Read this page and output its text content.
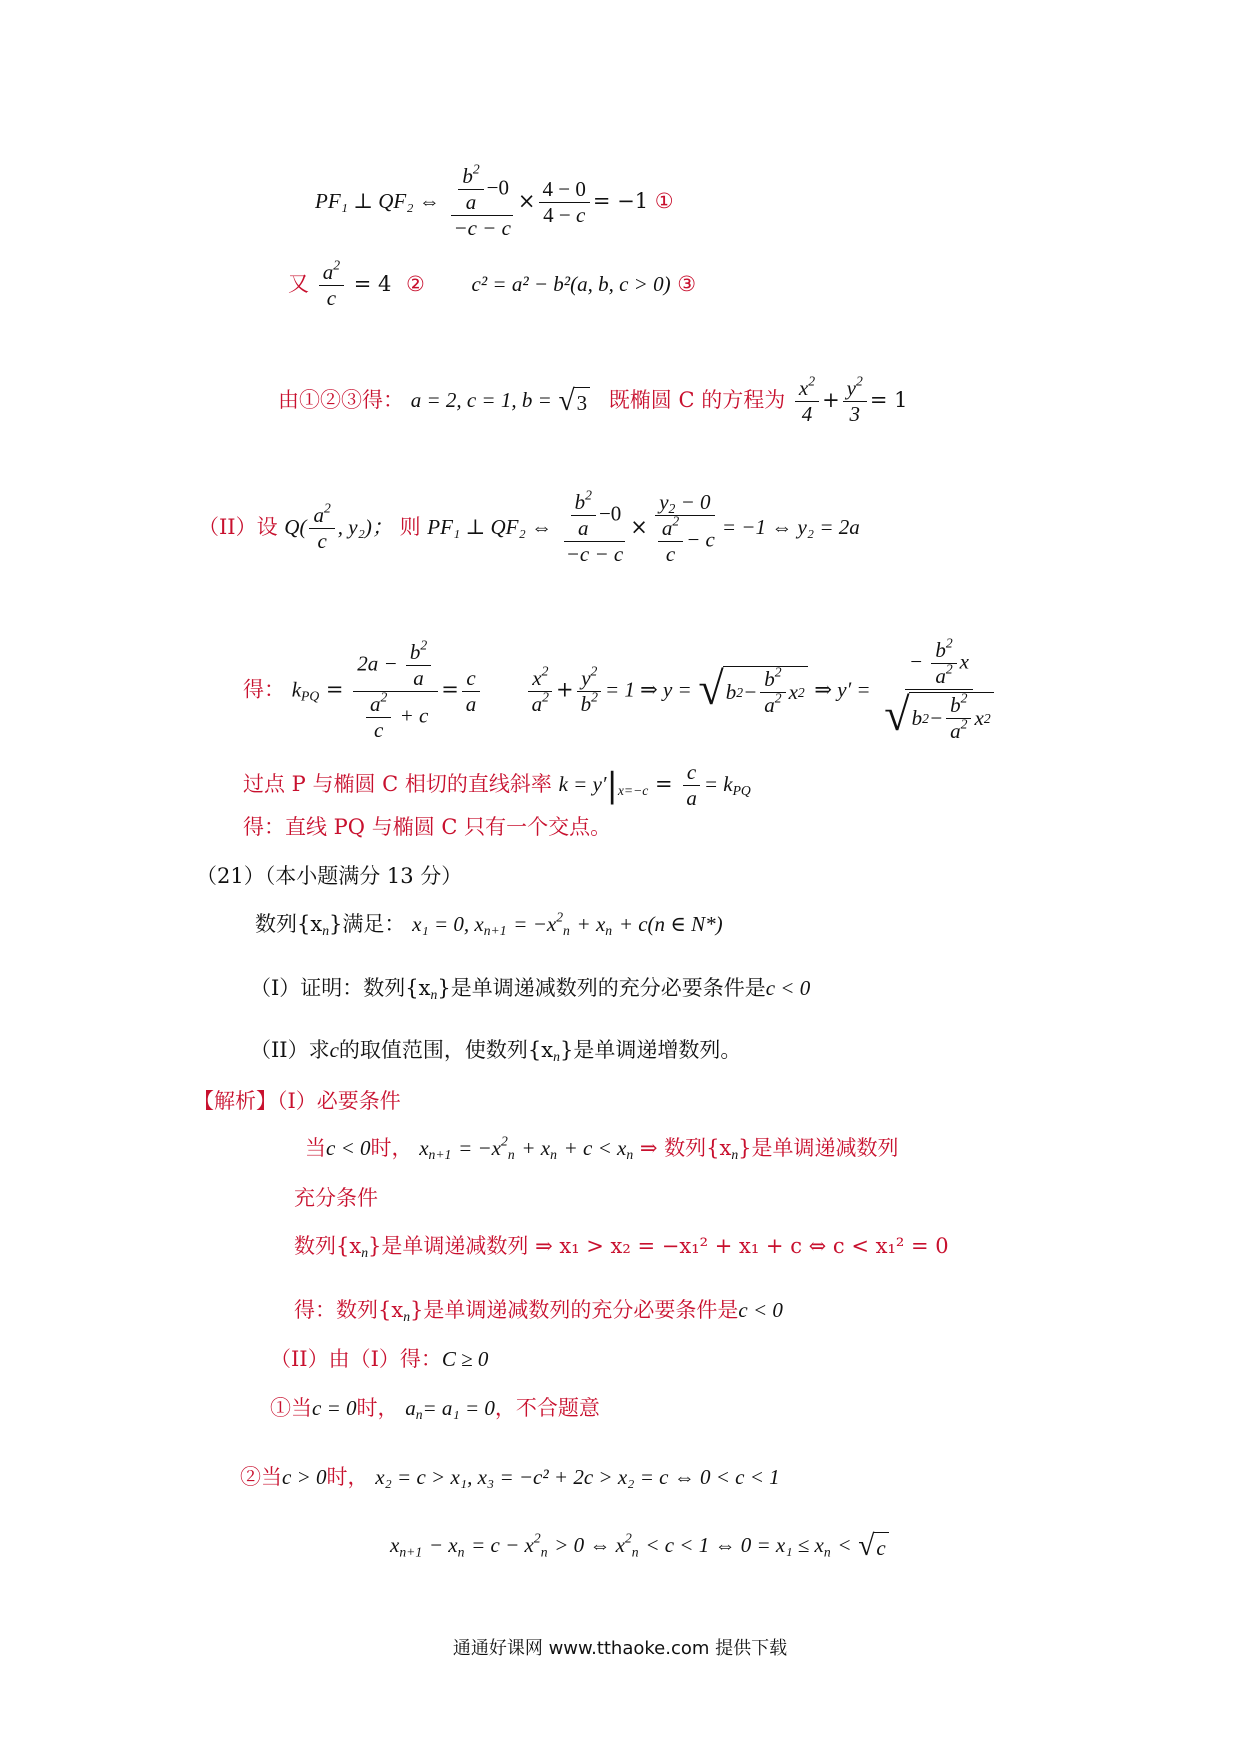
PF₁ ⊥ QF₂ ⇔ $\frac{\frac{b^2}{a} -0}{-c - c} \times \frac{4 - 0}{4 - c} = -1$ ①
又 $\frac{a^2}{c} = 4$ ② c² = a² − b²(a, b, c > 0) ③
由①②③得： a = 2, c = 1, b = √ 3 既椭圆 C 的方程为 $\frac{x^2}{4} + \frac{y^2}{3} = 1$
（II）设 $Q( \frac{a^2}{c}$ , y₂)； 则 PF₁ ⊥ QF₂ ⇔ $\frac{\frac{b^2}{a} -0}{-c - c} \times \frac{y_2 - 0}{\frac{a^2}{c} - c} = -1$ ⇔ y₂ = 2a
得： $k_{PQ} = \frac{2a - \frac{b^2}{a}}{\frac{a^2}{c} + c} = \frac{c}{a}$
$\frac{x^2}{a^2} + \frac{y^2}{b^2} = 1$ ⇒ y = √ b $2 - \frac{b^2}{a^2}$ x 2 ⇒ $y' = \frac{- \frac{b^2}{a^2} x}{√ b 2 - \frac{b^2}{a^2} x 2}$
过点 P 与椭圆 C 相切的直线斜率 $k = y'|_{x=-c} = \frac{c}{a} = k_{PQ}$
得：直线 PQ 与椭圆 C 只有一个交点。
（21）（本小题满分 13 分）
数列$\{x_n\}$满足： x₁ = 0, $x_{n+1} = -x^2_n + x_n + c(n$ ∈ N*)
（I）证明：数列$\{x_n\}$是单调递减数列的充分必要条件是c < 0
（II）求c的取值范围，使数列$\{x_n\}$是单调递增数列。
【解析】（I）必要条件
当c < 0时， $x_{n+1} = -x^2_n + x_n + c < x_n$ ⇒ 数列$\{x_n\}$是单调递减数列
充分条件
数列$\{x_n\}$是单调递减数列 ⇒ x₁ > x₂ = −x₁² + x₁ + c ⇔ c < x₁² = 0
得：数列$\{x_n\}$是单调递减数列的充分必要条件是c < 0
（II）由（I）得：C ≥ 0
①当c = 0时， $a_n= a_1 = 0$，不合题意
②当c > 0时， x₂ = c > x₁, x₃ = −c² + 2c > x₂ = c ⇔ 0 < c < 1
$x_{n+1} - x_n = c - x^2_n > 0$ ⇔ $x^2_n < c < 1$ ⇔ $0 = x_1 \le x_n$ < √ c
通通好课网 www.tthaoke.com 提供下载
